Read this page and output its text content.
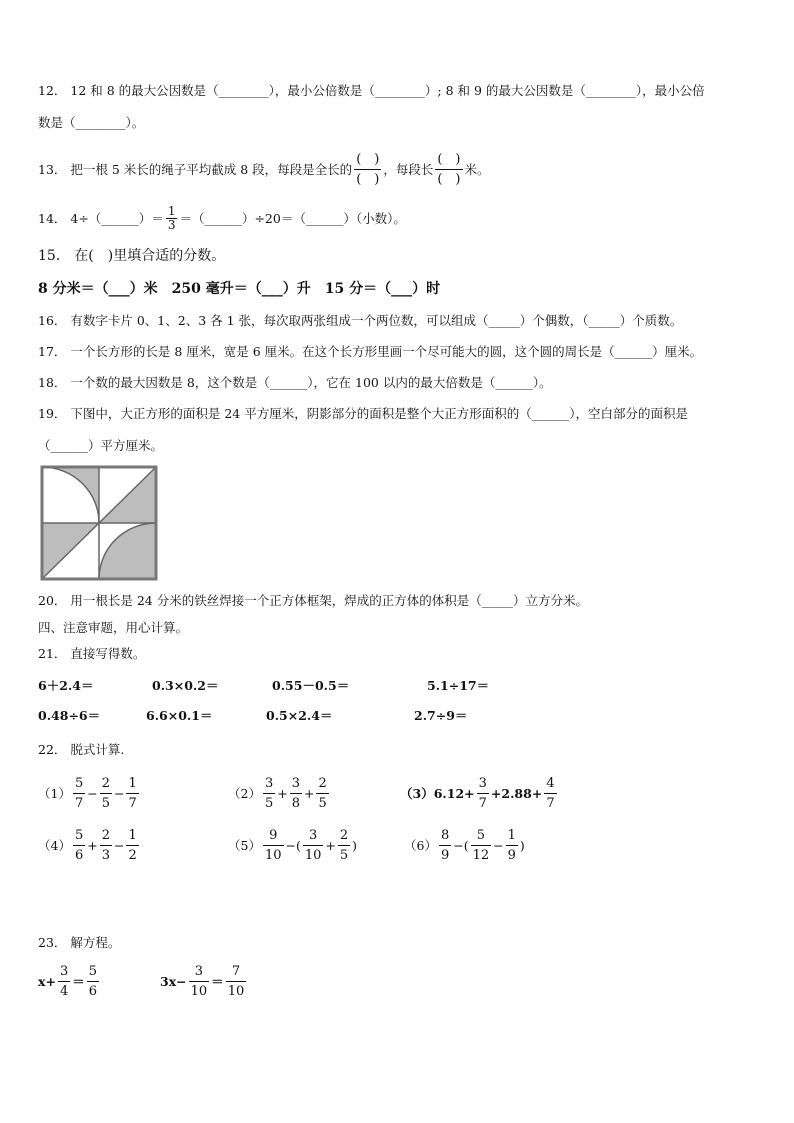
12． 12 和 8 的最大公因数是（________），最小公倍数是（________）; 8 和 9 的最大公因数是（________），最小公倍
数是（________）。
13． 把一根 5 米长的绳子平均截成 8 段，每段是全长的 $\frac{( )}{( )}$ ，每段长 $\frac{( )}{( )}$ 米。
14． 4÷（______）＝ $\frac{1}{3}$ ＝（______）÷20＝（______）（小数）。
15． 在(　)里填合适的分数。
8 分米＝（___）米　250 毫升＝（___）升　15 分＝（___）时
16． 有数字卡片 0、1、2、3 各 1 张，每次取两张组成一个两位数，可以组成（_____）个偶数，（_____）个质数。
17． 一个长方形的长是 8 厘米，宽是 6 厘米。在这个长方形里画一个尽可能大的圆，这个圆的周长是（______）厘米。
18． 一个数的最大因数是 8，这个数是（______），它在 100 以内的最大倍数是（______）。
19． 下图中，大正方形的面积是 24 平方厘米，阴影部分的面积是整个大正方形面积的（______），空白部分的面积是
（______）平方厘米。
20． 用一根长是 24 分米的铁丝焊接一个正方体框架，焊成的正方体的体积是（_____）立方分米。
四、注意审题，用心计算。
21． 直接写得数。
6＋2.4＝	0.3×0.2＝	0.55－0.5＝	5.1÷17＝
0.48÷6＝	6.6×0.1＝	0.5×2.4＝	2.7÷9＝
22． 脱式计算.
$(1) \frac{5}{7} - \frac{2}{5} - \frac{1}{7}$	$(2) \frac{3}{5} + \frac{3}{8} + \frac{2}{5}$	$(3)6.12+ \frac{3}{7} +2.88+ \frac{4}{7}$
$(4) \frac{5}{6} + \frac{2}{3} - \frac{1}{2}$	$(5) \frac{9}{10}$ −( $\frac{3}{10} + \frac{2}{5}$ )	$(6) \frac{8}{9}$ −( $\frac{5}{12} - \frac{1}{9}$ )
23． 解方程。
$x+ \frac{3}{4} = \frac{5}{6}$	$3x- \frac{3}{10} = \frac{7}{10}$
